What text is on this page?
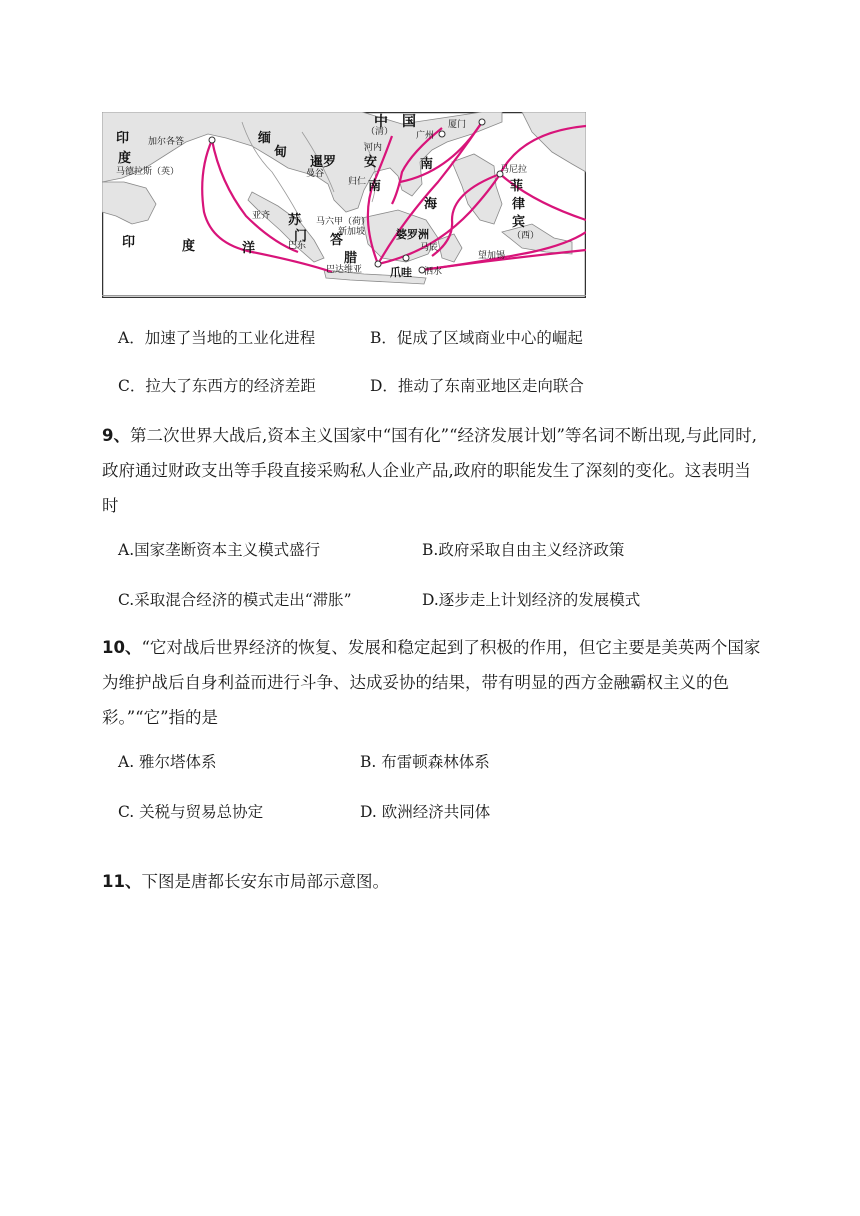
中 国
（清）
厦门
广州
加尔各答
印
度
马德拉斯（英）
缅
甸	河内
暹罗 安
曼谷
归仁 南
南
海
马尼拉
菲
律
宾
（西）
亚齐 苏 马六甲（荷）
门 答
巴东
新加坡	婆罗洲
腊
马辰
望加锡
印	度	洋
巴达维亚	爪哇 泗水
A．加速了当地的工业化进程	B．促成了区域商业中心的崛起
C．拉大了东西方的经济差距	D．推动了东南亚地区走向联合
9、第二次世界大战后,资本主义国家中“国有化”“经济发展计划”等名词不断出现,与此同时,政府通过财政支出等手段直接采购私人企业产品,政府的职能发生了深刻的变化。这表明当时
A.国家垄断资本主义模式盛行	B.政府采取自由主义经济政策
C.采取混合经济的模式走出“滞胀”	D.逐步走上计划经济的发展模式
10、“它对战后世界经济的恢复、发展和稳定起到了积极的作用，但它主要是美英两个国家为维护战后自身利益而进行斗争、达成妥协的结果，带有明显的西方金融霸权主义的色彩。”“它”指的是
A. 雅尔塔体系	B. 布雷顿森林体系
C. 关税与贸易总协定	D. 欧洲经济共同体
11、下图是唐都长安东市局部示意图。
